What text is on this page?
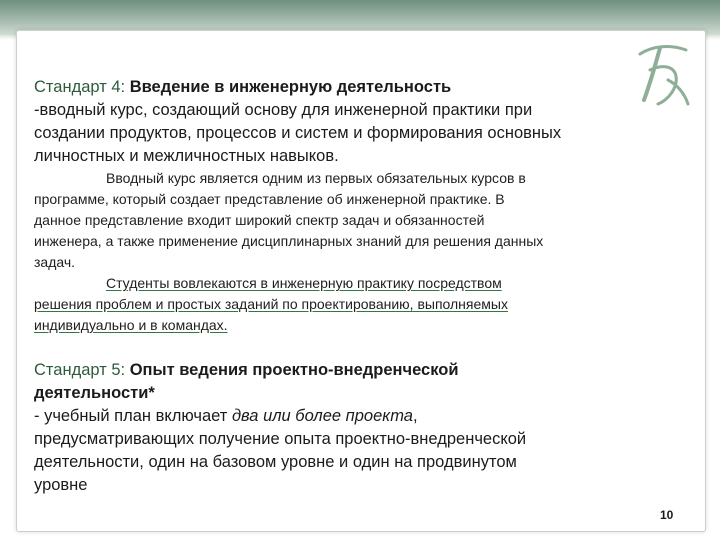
Стандарт 4: Введение в инженерную деятельность

-вводный курс, создающий основу для инженерной практики при

создании продуктов, процессов и систем и формирования основных

личностных и межличностных навыков.

Вводный курс является одним из первых обязательных курсов в

программе, который создает представление об инженерной практике. В

данное представление входит широкий спектр задач и обязанностей

инженера, а также применение дисциплинарных знаний для решения данных

задач.

Студенты вовлекаются в инженерную практику посредством

решения проблем и простых заданий по проектированию, выполняемых

индивидуально и в командах.

Стандарт 5: Опыт ведения проектно-внедренческой

деятельности*

- учебный план включает два или более проекта,

предусматривающих получение опыта проектно-внедренческой

деятельности, один на базовом уровне и один на продвинутом

уровне

10
